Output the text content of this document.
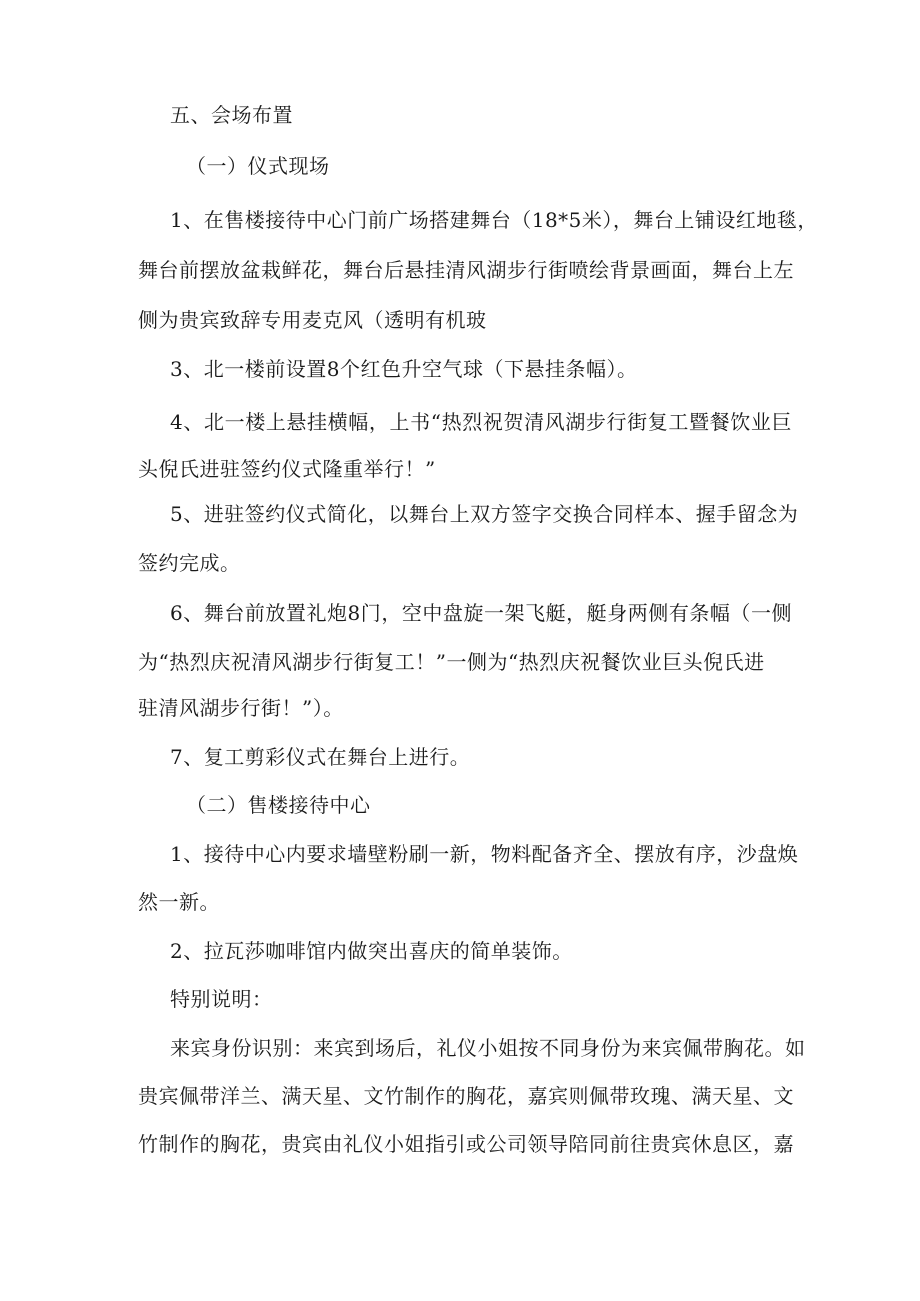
五、会场布置
（一）仪式现场
1、在售楼接待中心门前广场搭建舞台（18*5米），舞台上铺设红地毯，
舞台前摆放盆栽鲜花，舞台后悬挂清风湖步行街喷绘背景画面，舞台上左
侧为贵宾致辞专用麦克风（透明有机玻
3、北一楼前设置8个红色升空气球（下悬挂条幅）。
4、北一楼上悬挂横幅，上书“热烈祝贺清风湖步行街复工暨餐饮业巨
头倪氏进驻签约仪式隆重举行！”
5、进驻签约仪式简化，以舞台上双方签字交换合同样本、握手留念为
签约完成。
6、舞台前放置礼炮8门，空中盘旋一架飞艇，艇身两侧有条幅（一侧
为“热烈庆祝清风湖步行街复工！”一侧为“热烈庆祝餐饮业巨头倪氏进
驻清风湖步行街！”）。
7、复工剪彩仪式在舞台上进行。
（二）售楼接待中心
1、接待中心内要求墙壁粉刷一新，物料配备齐全、摆放有序，沙盘焕
然一新。
2、拉瓦莎咖啡馆内做突出喜庆的简单装饰。
特别说明：
来宾身份识别：来宾到场后，礼仪小姐按不同身份为来宾佩带胸花。如
贵宾佩带洋兰、满天星、文竹制作的胸花，嘉宾则佩带玫瑰、满天星、文
竹制作的胸花，贵宾由礼仪小姐指引或公司领导陪同前往贵宾休息区，嘉
